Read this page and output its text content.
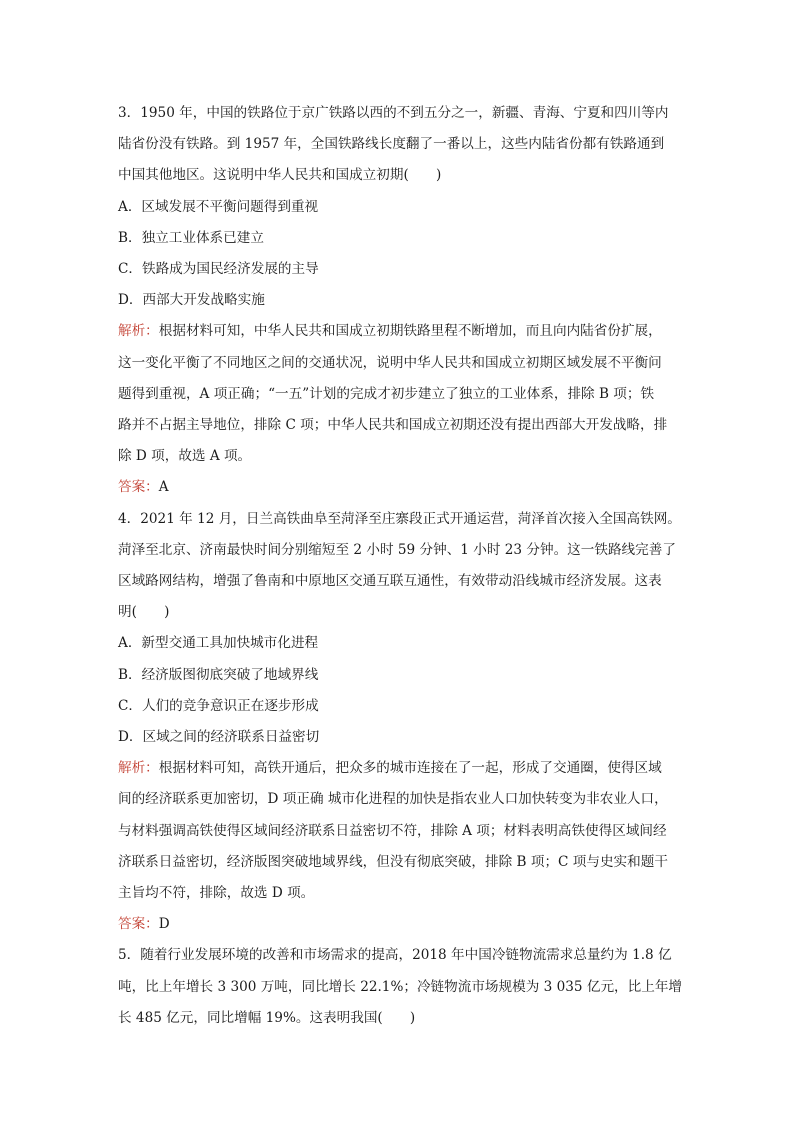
3．1950 年，中国的铁路位于京广铁路以西的不到五分之一，新疆、青海、宁夏和四川等内
陆省份没有铁路。到 1957 年，全国铁路线长度翻了一番以上，这些内陆省份都有铁路通到
中国其他地区。这说明中华人民共和国成立初期(　　)
A．区域发展不平衡问题得到重视
B．独立工业体系已建立
C．铁路成为国民经济发展的主导
D．西部大开发战略实施
解析：根据材料可知，中华人民共和国成立初期铁路里程不断增加，而且向内陆省份扩展，
这一变化平衡了不同地区之间的交通状况，说明中华人民共和国成立初期区域发展不平衡问
题得到重视，A 项正确；“一五”计划的完成才初步建立了独立的工业体系，排除 B 项；铁
路并不占据主导地位，排除 C 项；中华人民共和国成立初期还没有提出西部大开发战略，排
除 D 项，故选 A 项。
答案：A
4．2021 年 12 月，日兰高铁曲阜至菏泽至庄寨段正式开通运营，菏泽首次接入全国高铁网。
菏泽至北京、济南最快时间分别缩短至 2 小时 59 分钟、1 小时 23 分钟。这一铁路线完善了
区域路网结构，增强了鲁南和中原地区交通互联互通性，有效带动沿线城市经济发展。这表
明(　　)
A．新型交通工具加快城市化进程
B．经济版图彻底突破了地域界线
C．人们的竞争意识正在逐步形成
D．区域之间的经济联系日益密切
解析：根据材料可知，高铁开通后，把众多的城市连接在了一起，形成了交通圈，使得区域
间的经济联系更加密切，D 项正确 城市化进程的加快是指农业人口加快转变为非农业人口，
与材料强调高铁使得区域间经济联系日益密切不符，排除 A 项；材料表明高铁使得区域间经
济联系日益密切，经济版图突破地域界线，但没有彻底突破，排除 B 项；C 项与史实和题干
主旨均不符，排除，故选 D 项。
答案：D
5．随着行业发展环境的改善和市场需求的提高，2018 年中国冷链物流需求总量约为 1.8 亿
吨，比上年增长 3 300 万吨，同比增长 22.1%；冷链物流市场规模为 3 035 亿元，比上年增
长 485 亿元，同比增幅 19%。这表明我国(　　)
